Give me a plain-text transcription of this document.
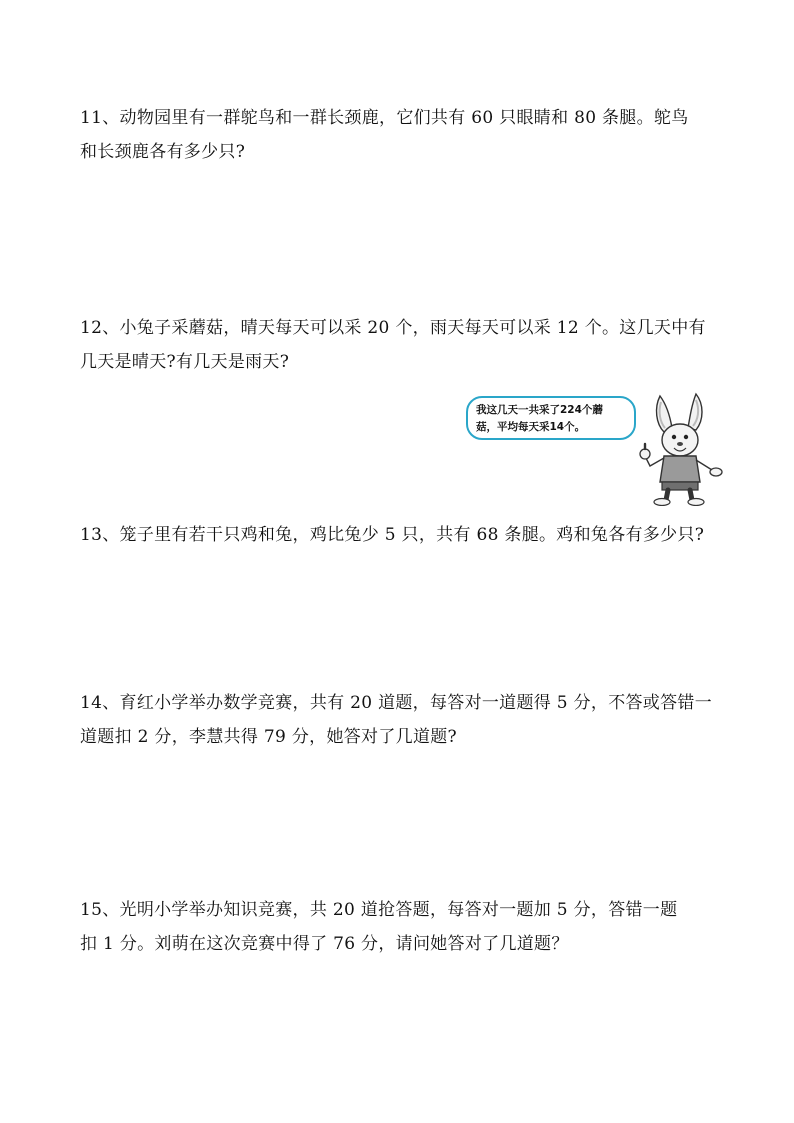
11、动物园里有一群鸵鸟和一群长颈鹿，它们共有 60 只眼睛和 80 条腿。鸵鸟
和长颈鹿各有多少只?
12、小兔子采蘑菇，晴天每天可以采 20 个，雨天每天可以采 12 个。这几天中有
几天是晴天?有几天是雨天?
我这几天一共采了224个蘑
菇，平均每天采14个。
13、笼子里有若干只鸡和兔，鸡比兔少 5 只，共有 68 条腿。鸡和兔各有多少只?
14、育红小学举办数学竞赛，共有 20 道题，每答对一道题得 5 分，不答或答错一
道题扣 2 分，李慧共得 79 分，她答对了几道题?
15、光明小学举办知识竞赛，共 20 道抢答题，每答对一题加 5 分，答错一题
扣 1 分。刘萌在这次竞赛中得了 76 分，请问她答对了几道题？
